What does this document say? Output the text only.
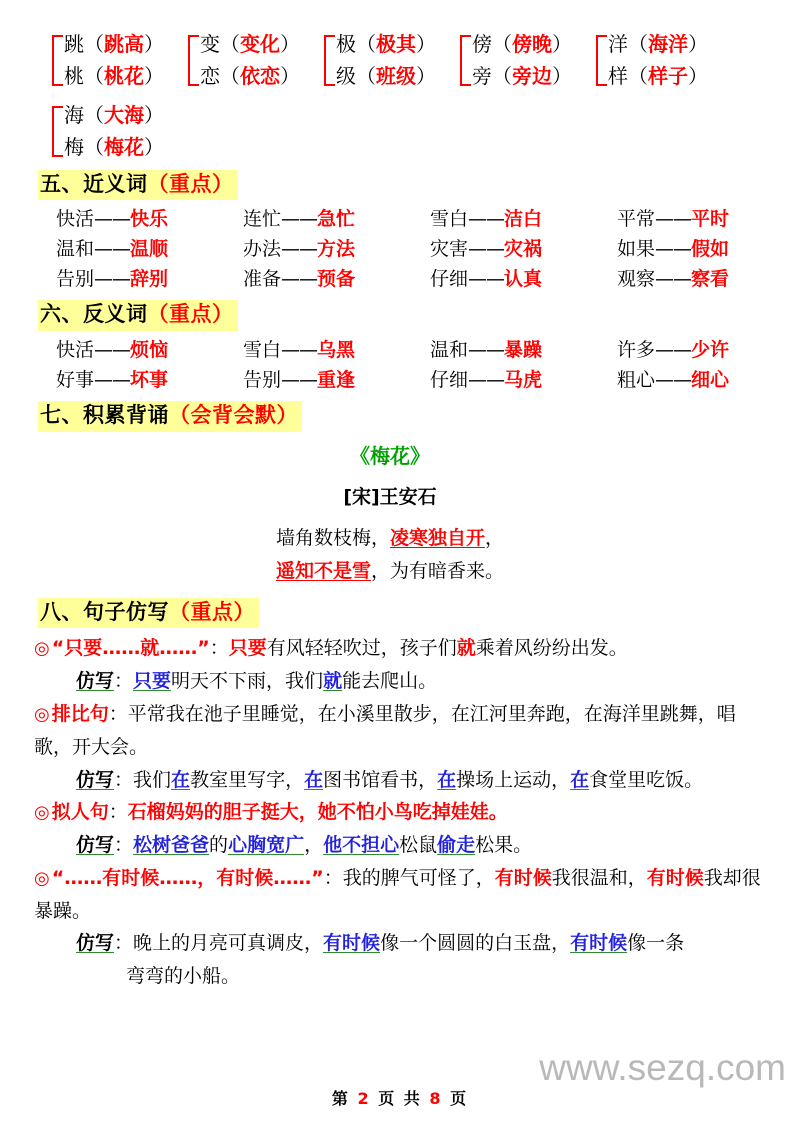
跳（跳高）
桃（桃花）
变（变化）
恋（依恋）
极（极其）
级（班级）
傍（傍晚）
旁（旁边）
洋（海洋）
样（样子）
海（大海）
梅（梅花）
五、近义词（重点）
快活——快乐	连忙——急忙	雪白——洁白	平常——平时
温和——温顺	办法——方法	灾害——灾祸	如果——假如
告别——辞别	准备——预备	仔细——认真	观察——察看
六、反义词（重点）
快活——烦恼	雪白——乌黑	温和——暴躁	许多——少许
好事——坏事	告别——重逢	仔细——马虎	粗心——细心
七、积累背诵（会背会默）
《梅花》
[宋]王安石
墙角数枝梅，凌寒独自开，
遥知不是雪，为有暗香来。
八、句子仿写（重点）
◎ “只要……就……”：只要有风轻轻吹过，孩子们就乘着风纷纷出发。
仿写：只要明天不下雨，我们就能去爬山。
◎ 排比句：平常我在池子里睡觉，在小溪里散步，在江河里奔跑，在海洋里跳舞，唱歌，开大会。
仿写：我们在教室里写字，在图书馆看书，在操场上运动，在食堂里吃饭。
◎ 拟人句：石榴妈妈的胆子挺大，她不怕小鸟吃掉娃娃。
仿写：松树爸爸的心胸宽广，他不担心松鼠偷走松果。
◎ “……有时候……，有时候……”：我的脾气可怪了，有时候我很温和，有时候我却很暴躁。
仿写：晚上的月亮可真调皮，有时候像一个圆圆的白玉盘，有时候像一条
弯弯的小船。
第 2 页 共 8 页
www.sezq.com
